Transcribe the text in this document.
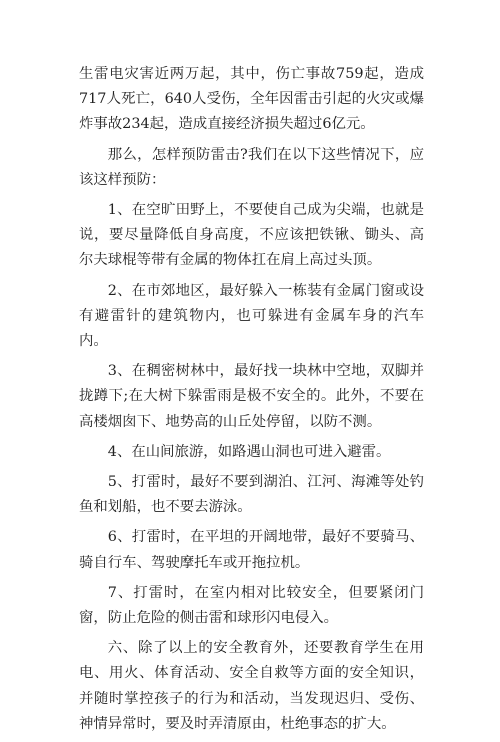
生雷电灾害近两万起，其中，伤亡事故759起，造成717人死亡，640人受伤，全年因雷击引起的火灾或爆炸事故234起，造成直接经济损失超过6亿元。

那么，怎样预防雷击?我们在以下这些情况下，应该这样预防：

1、在空旷田野上，不要使自己成为尖端，也就是说，要尽量降低自身高度，不应该把铁锹、锄头、高尔夫球棍等带有金属的物体扛在肩上高过头顶。

2、在市郊地区，最好躲入一栋装有金属门窗或设有避雷针的建筑物内，也可躲进有金属车身的汽车内。

3、在稠密树林中，最好找一块林中空地，双脚并拢蹲下;在大树下躲雷雨是极不安全的。此外，不要在高楼烟囱下、地势高的山丘处停留，以防不测。

4、在山间旅游，如路遇山洞也可进入避雷。

5、打雷时，最好不要到湖泊、江河、海滩等处钓鱼和划船，也不要去游泳。

6、打雷时，在平坦的开阔地带，最好不要骑马、骑自行车、驾驶摩托车或开拖拉机。

7、打雷时，在室内相对比较安全，但要紧闭门窗，防止危险的侧击雷和球形闪电侵入。

六、除了以上的安全教育外，还要教育学生在用电、用火、体育活动、安全自救等方面的安全知识，并随时掌控孩子的行为和活动，当发现迟归、受伤、神情异常时，要及时弄清原由，杜绝事态的扩大。
